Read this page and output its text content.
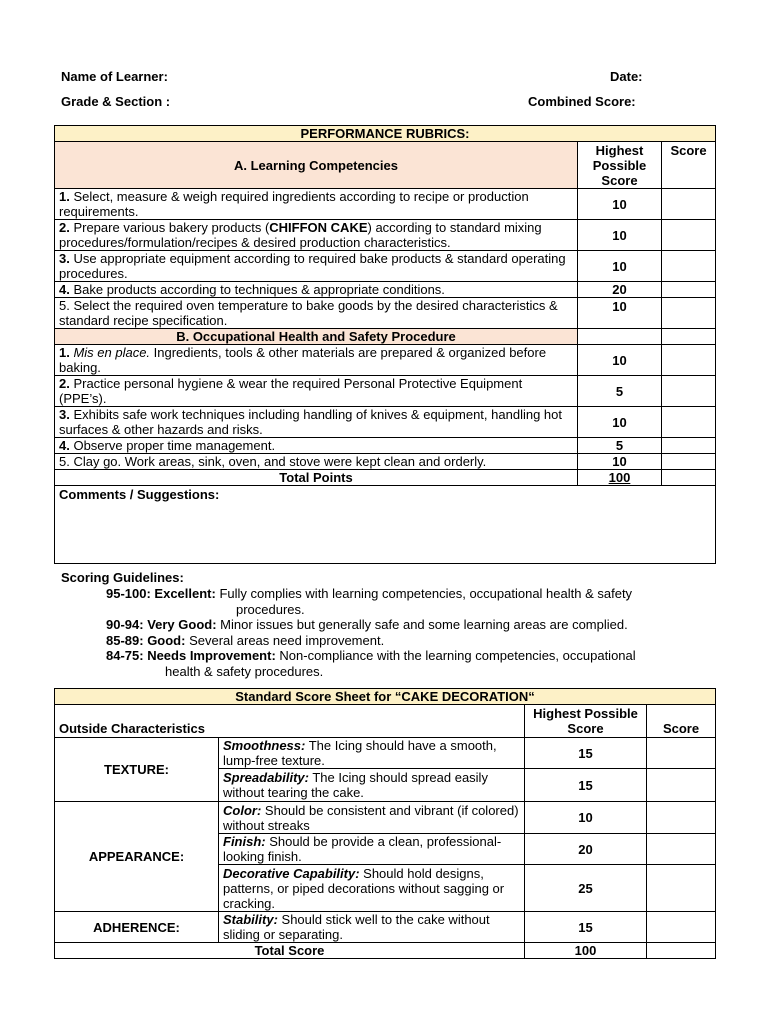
Name of Learner:	Date:
Grade & Section :	Combined Score:
PERFORMANCE RUBRICS:		
A. Learning Competencies	Highest Possible Score	Score
1. Select, measure & weigh required ingredients according to recipe or production requirements.	10	
2. Prepare various bakery products (CHIFFON CAKE) according to standard mixing procedures/formulation/recipes & desired production characteristics.	10	
3. Use appropriate equipment according to required bake products & standard operating procedures.	10	
4. Bake products according to techniques & appropriate conditions.	20	
5. Select the required oven temperature to bake goods by the desired characteristics & standard recipe specification.	10	
B. Occupational Health and Safety Procedure		
1. Mis en place. Ingredients, tools & other materials are prepared & organized before baking.	10	
2. Practice personal hygiene & wear the required Personal Protective Equipment (PPE’s).	5	
3. Exhibits safe work techniques including handling of knives & equipment, handling hot surfaces & other hazards and risks.	10	
4. Observe proper time management.	5	
5. Clay go. Work areas, sink, oven, and stove were kept clean and orderly.	10	
Total Points	100	
Comments / Suggestions:		
Scoring Guidelines:
95-100: Excellent: Fully complies with learning competencies, occupational health & safety
procedures.
90-94: Very Good: Minor issues but generally safe and some learning areas are complied.
85-89: Good: Several areas need improvement.
84-75: Needs Improvement: Non-compliance with the learning competencies, occupational
health & safety procedures.
Standard Score Sheet for “CAKE DECORATION“			
Outside Characteristics		Highest Possible Score	Score
TEXTURE:	Smoothness: The Icing should have a smooth, lump-free texture.	15	
	Spreadability: The Icing should spread easily without tearing the cake.	15	
APPEARANCE:	Color: Should be consistent and vibrant (if colored) without streaks	10	
	Finish: Should be provide a clean, professional-looking finish.	20	
	Decorative Capability: Should hold designs, patterns, or piped decorations without sagging or cracking.	25	
ADHERENCE:	Stability: Should stick well to the cake without sliding or separating.	15	
Total Score		100	
